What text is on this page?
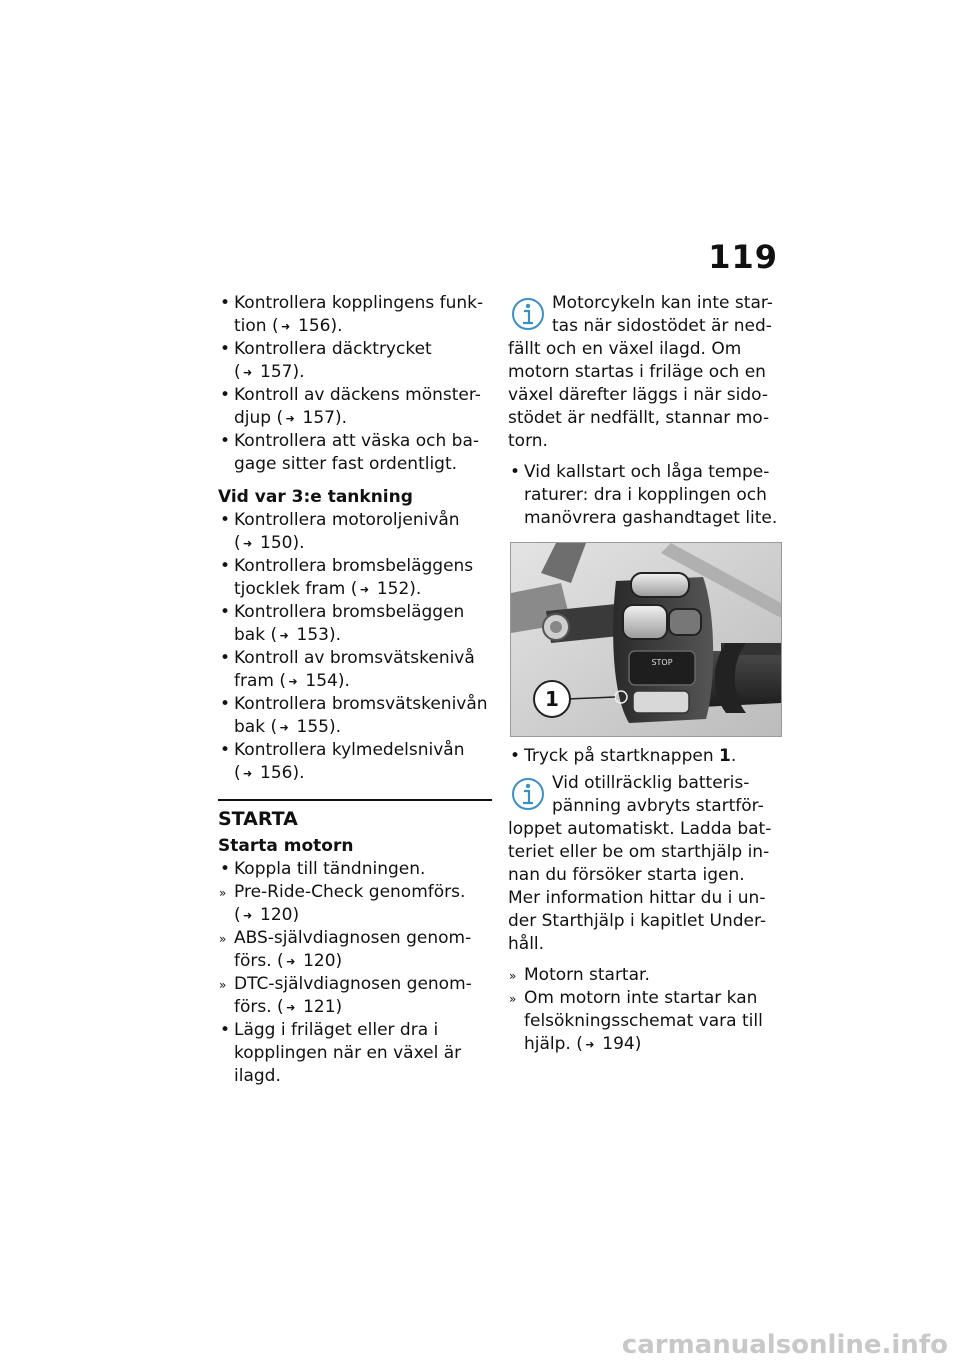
119
• Kontrollera kopplingens funk-tion ( ➜ 156).
• Kontrollera däcktrycket ( ➜ 157).
• Kontroll av däckens mönster-djup ( ➜ 157).
• Kontrollera att väska och ba-gage sitter fast ordentligt.
Vid var 3:e tankning
• Kontrollera motoroljenivån ( ➜ 150).
• Kontrollera bromsbeläggens tjocklek fram ( ➜ 152).
• Kontrollera bromsbeläggen bak ( ➜ 153).
• Kontroll av bromsvätskenivå fram ( ➜ 154).
• Kontrollera bromsvätskenivån bak ( ➜ 155).
• Kontrollera kylmedelsnivån ( ➜ 156).
STARTA
Starta motorn
• Koppla till tändningen.
» Pre-Ride-Check genomförs. ( ➜ 120)
» ABS-självdiagnosen genom-förs. ( ➜ 120)
» DTC-självdiagnosen genom-förs. ( ➜ 121)
• Lägg i friläget eller dra i kopplingen när en växel är ilagd.

Motorcykeln kan inte star-tas när sidostödet är ned-fällt och en växel ilagd. Om motorn startas i friläge och en växel därefter läggs i när sido-stödet är nedfällt, stannar mo-torn.

• Vid kallstart och låga tempe-raturer: dra i kopplingen och manövrera gashandtaget lite.
STOP
1
• Tryck på startknappen 1.

Vid otillräcklig batteris-pänning avbryts startför-loppet automatiskt. Ladda bat-teriet eller be om starthjälp in-nan du försöker starta igen. Mer information hittar du i un-der Starthjälp i kapitlet Under-håll.

» Motorn startar.
» Om motorn inte startar kan felsökningsschemat vara till hjälp. ( ➜ 194)
carmanualsonline.info
